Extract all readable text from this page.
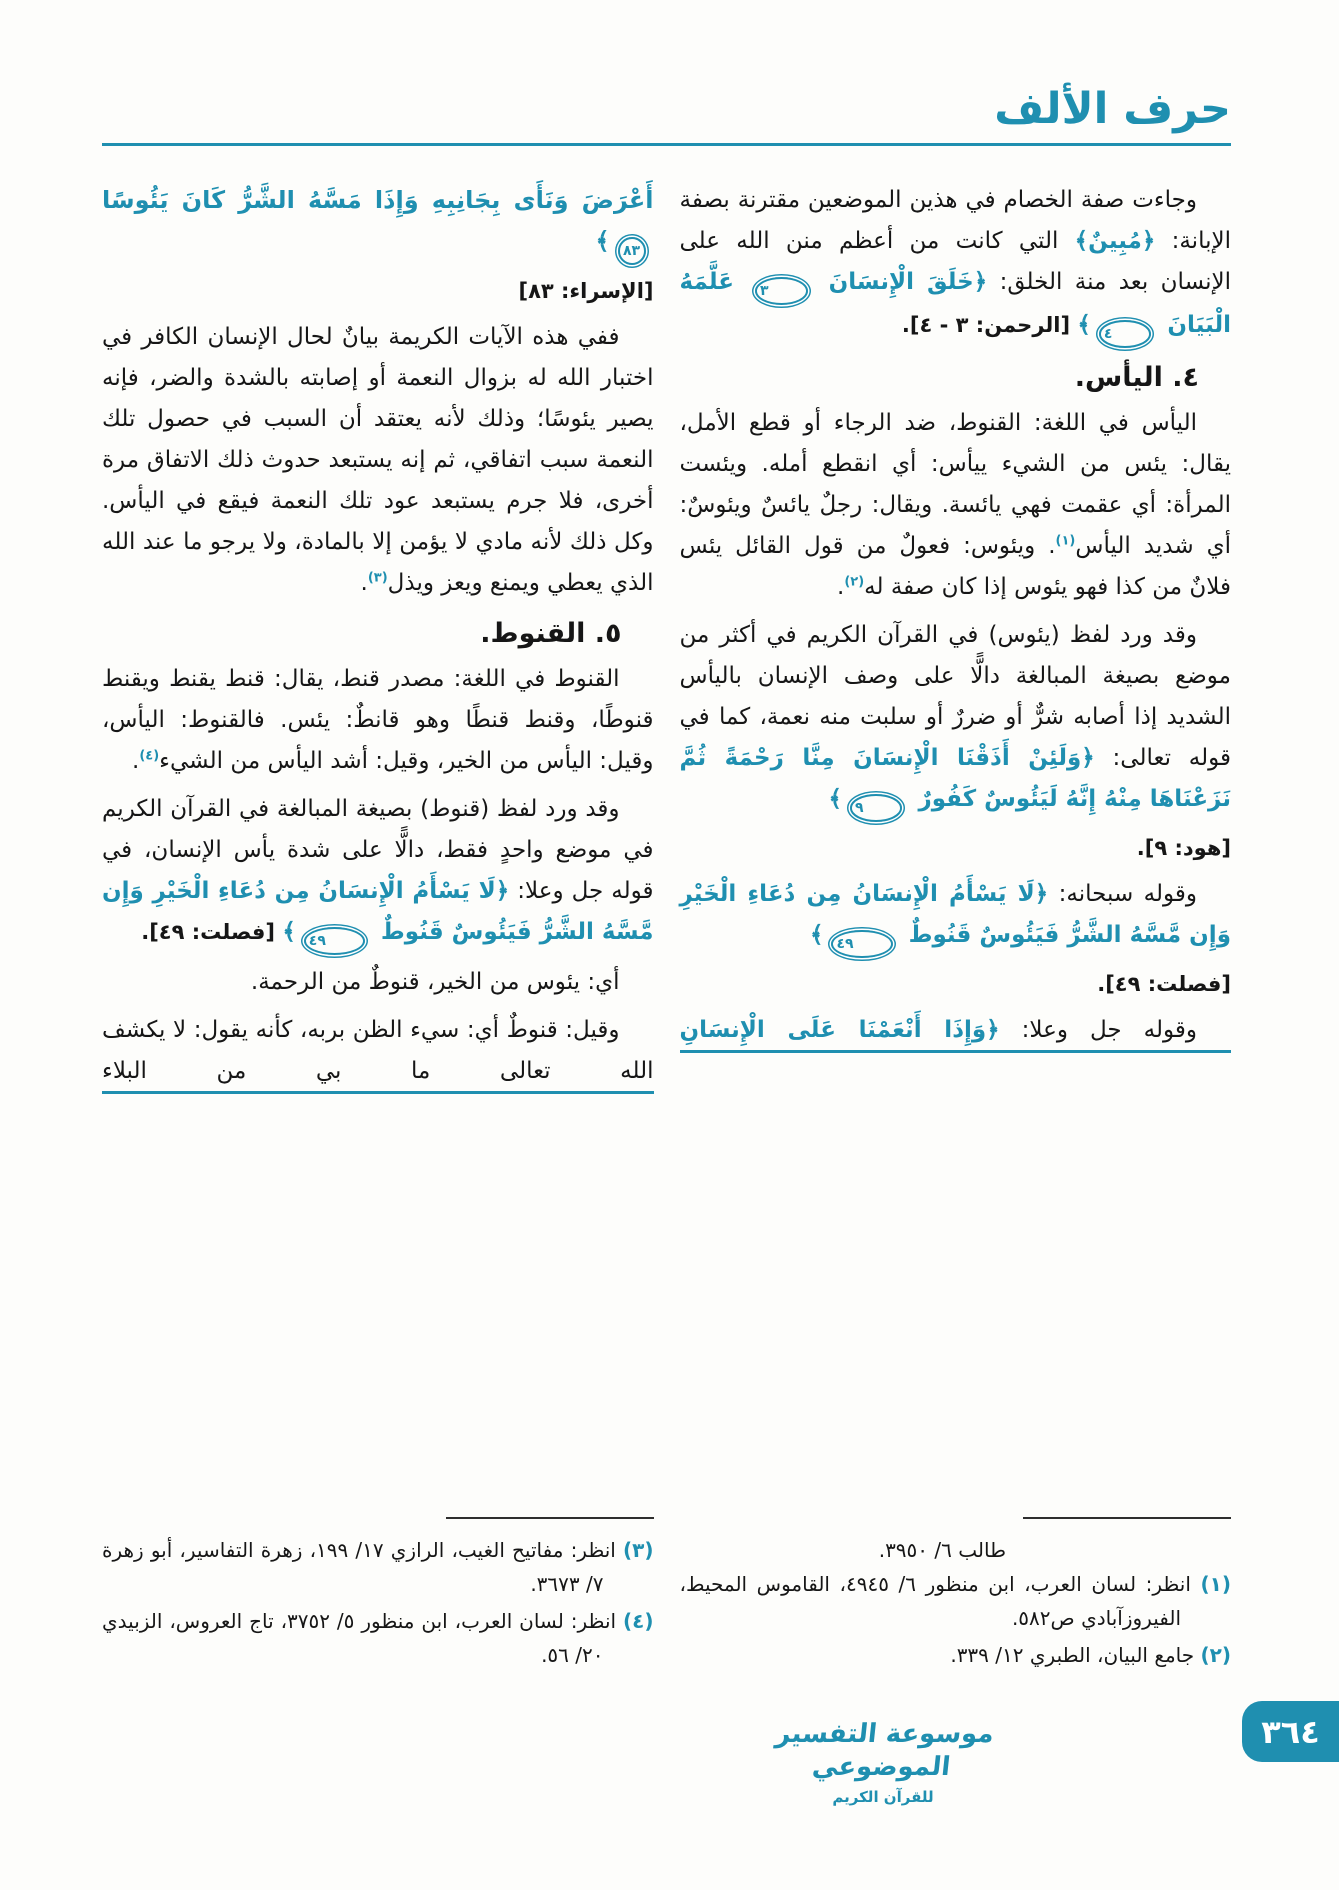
حرف الألف

وجاءت صفة الخصام في هذين الموضعين مقترنة بصفة الإبانة: ﴿مُبِينٌ﴾ التي كانت من أعظم منن الله على الإنسان بعد منة الخلق: ﴿خَلَقَ الْإِنسَانَ ٣ عَلَّمَهُ الْبَيَانَ ٤﴾ [الرحمن: ٣ - ٤].

٤. اليأس.

اليأس في اللغة: القنوط، ضد الرجاء أو قطع الأمل، يقال: يئس من الشيء ييأس: أي انقطع أمله. ويئست المرأة: أي عقمت فهي يائسة. ويقال: رجلٌ يائسٌ ويئوسٌ: أي شديد اليأس$^{(١)}$. ويئوس: فعولٌ من قول القائل يئس فلانٌ من كذا فهو يئوس إذا كان صفة له$^{(٢)}$.

وقد ورد لفظ (يئوس) في القرآن الكريم في أكثر من موضع بصيغة المبالغة دالًّا على وصف الإنسان باليأس الشديد إذا أصابه شرٌّ أو ضررٌ أو سلبت منه نعمة، كما في قوله تعالى: ﴿وَلَئِنْ أَذَقْنَا الْإِنسَانَ مِنَّا رَحْمَةً ثُمَّ نَزَعْنَاهَا مِنْهُ إِنَّهُ لَيَئُوسٌ كَفُورٌ ٩﴾

[هود: ٩].

وقوله سبحانه: ﴿لَا يَسْأَمُ الْإِنسَانُ مِن دُعَاءِ الْخَيْرِ وَإِن مَّسَّهُ الشَّرُّ فَيَئُوسٌ قَنُوطٌ ٤٩﴾

[فصلت: ٤٩].

وقوله جل وعلا: ﴿وَإِذَا أَنْعَمْنَا عَلَى الْإِنسَانِ

طالب ٦/ ٣٩٥٠.
(١) انظر: لسان العرب، ابن منظور ٦/ ٤٩٤٥، القاموس المحيط، الفيروزآبادي ص٥٨٢.
(٢) جامع البيان، الطبري ١٢/ ٣٣٩.

أَعْرَضَ وَنَأَى بِجَانِبِهِ وَإِذَا مَسَّهُ الشَّرُّ كَانَ يَئُوسًا ٨٣﴾

[الإسراء: ٨٣]

ففي هذه الآيات الكريمة بيانٌ لحال الإنسان الكافر في اختبار الله له بزوال النعمة أو إصابته بالشدة والضر، فإنه يصير يئوسًا؛ وذلك لأنه يعتقد أن السبب في حصول تلك النعمة سبب اتفاقي، ثم إنه يستبعد حدوث ذلك الاتفاق مرة أخرى، فلا جرم يستبعد عود تلك النعمة فيقع في اليأس. وكل ذلك لأنه مادي لا يؤمن إلا بالمادة، ولا يرجو ما عند الله الذي يعطي ويمنع ويعز ويذل$^{(٣)}$.

٥. القنوط.

القنوط في اللغة: مصدر قنط، يقال: قنط يقنط ويقنط قنوطًا، وقنط قنطًا وهو قانطٌ: يئس. فالقنوط: اليأس، وقيل: اليأس من الخير، وقيل: أشد اليأس من الشيء$^{(٤)}$.

وقد ورد لفظ (قنوط) بصيغة المبالغة في القرآن الكريم في موضع واحدٍ فقط، دالًّا على شدة يأس الإنسان، في قوله جل وعلا: ﴿لَا يَسْأَمُ الْإِنسَانُ مِن دُعَاءِ الْخَيْرِ وَإِن مَّسَّهُ الشَّرُّ فَيَئُوسٌ قَنُوطٌ ٤٩﴾ [فصلت: ٤٩].

أي: يئوس من الخير، قنوطٌ من الرحمة.

وقيل: قنوطٌ أي: سيء الظن بربه، كأنه يقول: لا يكشف الله تعالى ما بي من البلاء

(٣) انظر: مفاتيح الغيب، الرازي ١٧/ ١٩٩، زهرة التفاسير، أبو زهرة ٧/ ٣٦٧٣.
(٤) انظر: لسان العرب، ابن منظور ٥/ ٣٧٥٢، تاج العروس، الزبيدي ٢٠/ ٥٦.
موسوعة التفسير الموضوعي
للقرآن الكريم
٣٦٤
